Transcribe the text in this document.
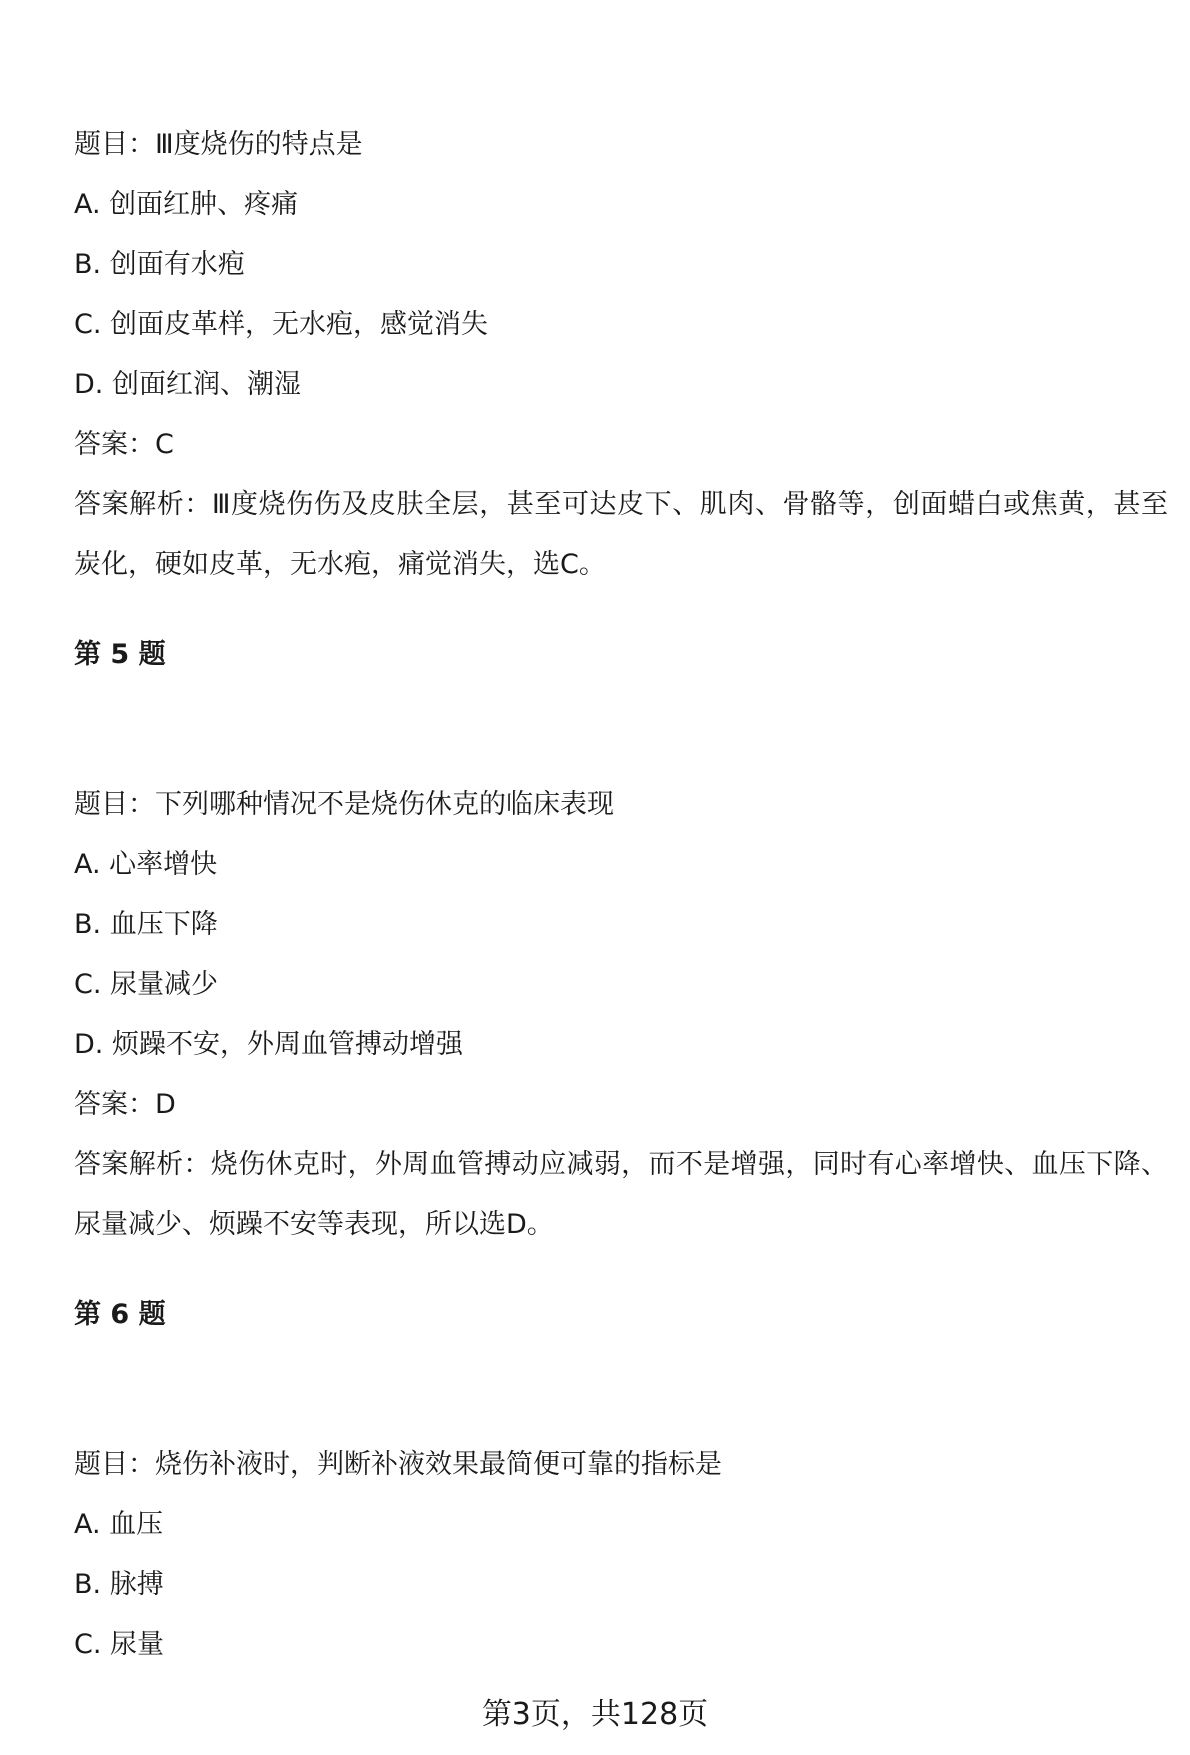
题目：Ⅲ度烧伤的特点是

A. 创面红肿、疼痛

B. 创面有水疱

C. 创面皮革样，无水疱，感觉消失

D. 创面红润、潮湿

答案：C

答案解析：Ⅲ度烧伤伤及皮肤全层，甚至可达皮下、肌肉、骨骼等，创面蜡白或焦黄，甚至炭化，硬如皮革，无水疱，痛觉消失，选C。

第 5 题

题目：下列哪种情况不是烧伤休克的临床表现

A. 心率增快

B. 血压下降

C. 尿量减少

D. 烦躁不安，外周血管搏动增强

答案：D

答案解析：烧伤休克时，外周血管搏动应减弱，而不是增强，同时有心率增快、血压下降、尿量减少、烦躁不安等表现，所以选D。

第 6 题

题目：烧伤补液时，判断补液效果最简便可靠的指标是

A. 血压

B. 脉搏

C. 尿量

第3页，共128页
